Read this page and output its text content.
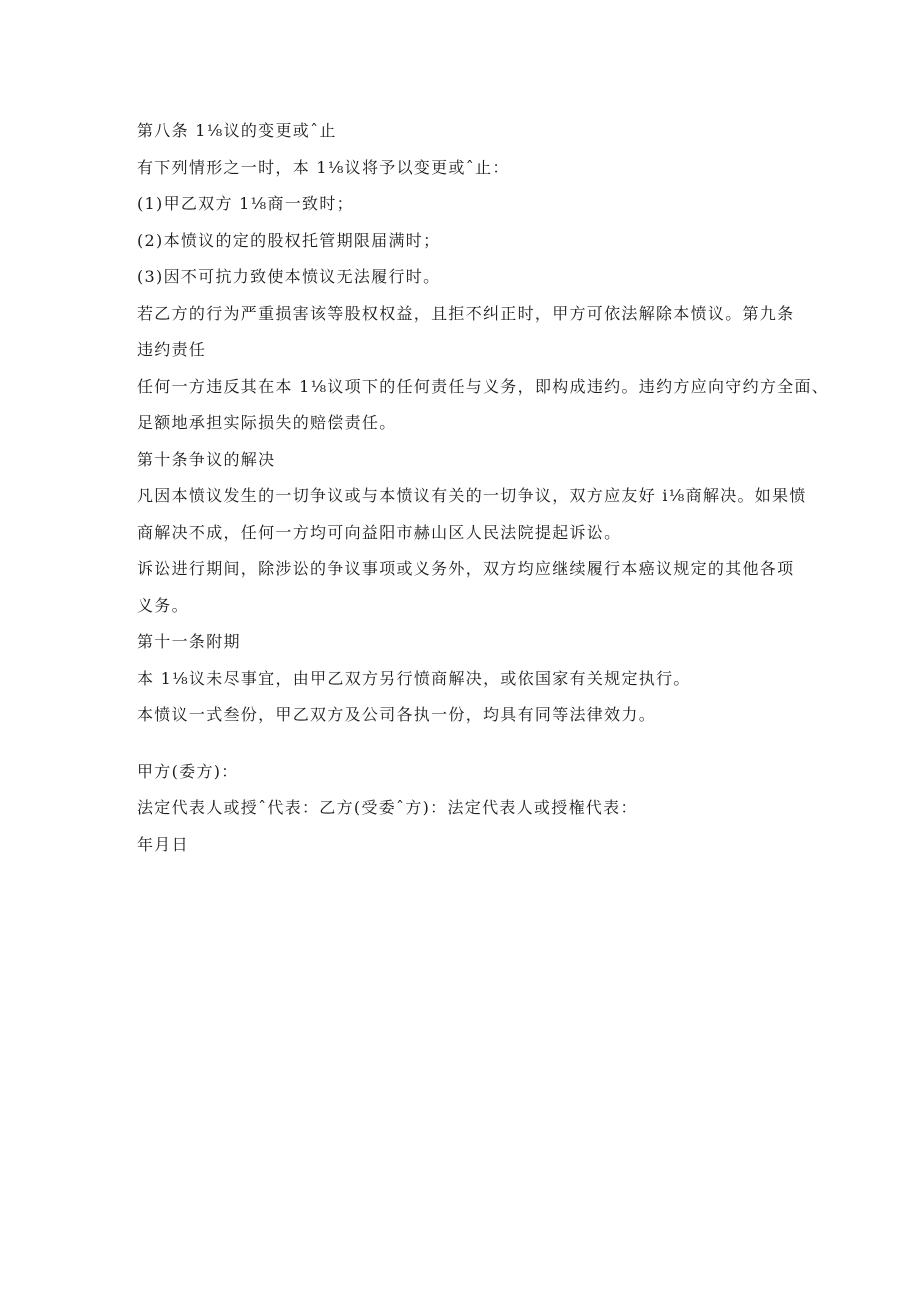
第八条 1⅛议的变更或ˆ止

有下列情形之一时，本 1⅛议将予以变更或ˆ止：

(1)甲乙双方 1⅛商一致时；

(2)本愤议的定的股权托管期限届满时；

(3)因不可抗力致使本愤议无法履行时。

若乙方的行为严重损害该等股权权益，且拒不纠正时，甲方可依法解除本愤议。第九条

违约责任

任何一方违反其在本 1⅛议项下的任何责任与义务，即构成违约。违约方应向守约方全面、

足额地承担实际损失的赔偿责任。

第十条争议的解决

凡因本愤议发生的一切争议或与本愤议有关的一切争议，双方应友好 i⅛商解决。如果愤

商解决不成，任何一方均可向益阳市赫山区人民法院提起诉讼。

诉讼进行期间，除涉讼的争议事项或义务外，双方均应继续履行本癌议规定的其他各项

义务。

第十一条附期

本 1⅛议未尽事宜，由甲乙双方另行愤商解决，或依国家有关规定执行。

本愤议一式叁份，甲乙双方及公司各执一份，均具有同等法律效力。

甲方(委方)：

法定代表人或授ˆ代表：乙方(受委ˆ方)：法定代表人或授権代表：

年月日
